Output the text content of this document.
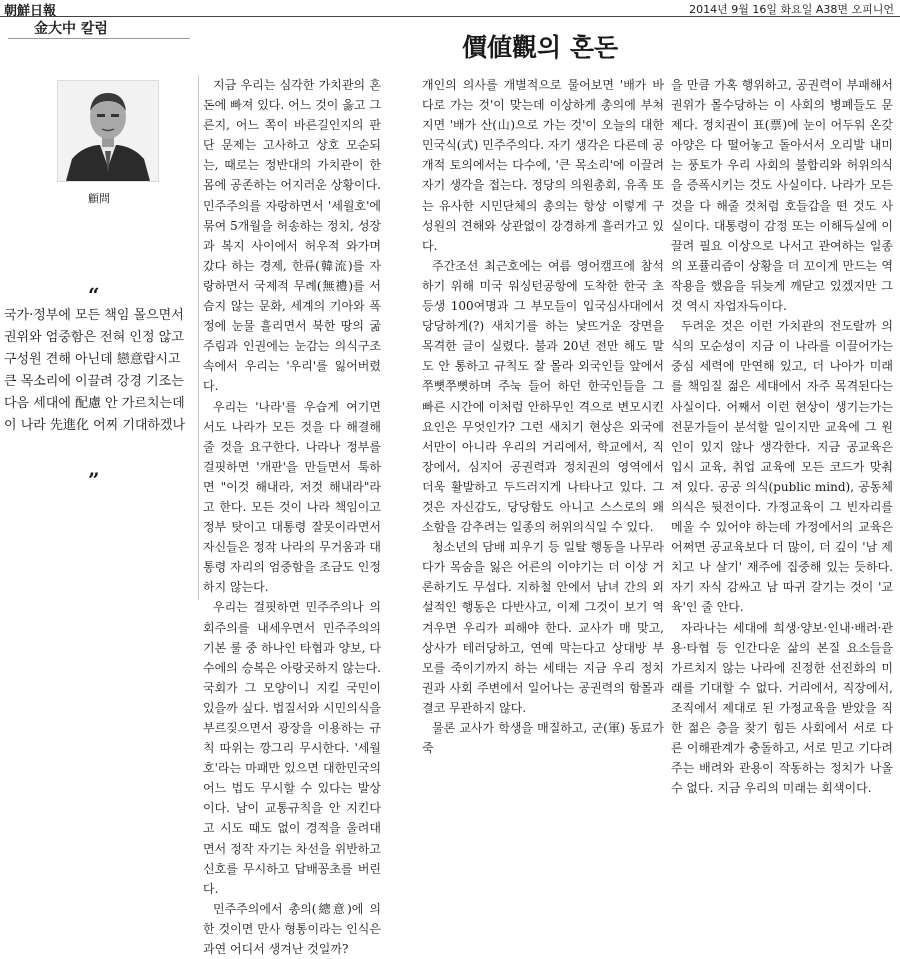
朝鮮日報	2014년 9월 16일 화요일 A38면 오피니언
金大中 칼럼
顧問
“
국가·정부에 모든 책임 몰으면서
권위와 엄중함은 전혀 인정 않고
구성원 견해 아닌데 戀意랍시고
큰 목소리에 이끌려 강경 기조는
다음 세대에 配慮 안 가르치는데
이 나라 先進化 어찌 기대하겠나
”
價値觀의 혼돈

지금 우리는 심각한 가치관의 혼돈에 빠져 있다. 어느 것이 옳고 그른지, 어느 쪽이 바른길인지의 판단 문제는 고사하고 상호 모순되는, 때로는 정반대의 가치관이 한몸에 공존하는 어지러운 상황이다. 민주주의를 자랑하면서 '세월호'에 묶여 5개월을 허송하는 정치, 성장과 복지 사이에서 허우적 와가며 갔다 하는 경제, 한류(韓流)를 자랑하면서 국제적 무례(無禮)를 서슴지 않는 문화, 세계의 기아와 폭정에 눈물 흘리면서 북한 땅의 굶주림과 인권에는 눈감는 의식구조 속에서 우리는 '우리'를 잃어버렸다.

우리는 '나라'를 우습게 여기면서도 나라가 모든 것을 다 해결해줄 것을 요구한다. 나라나 정부를 걸핏하면 '개판'을 만들면서 툭하면 "이것 해내라, 저것 해내라"라고 한다. 모든 것이 나라 책임이고 정부 탓이고 대통령 잘못이라면서 자신들은 정작 나라의 무거움과 대통령 자리의 엄중함을 조금도 인정하지 않는다.

우리는 걸핏하면 민주주의나 의회주의를 내세우면서 민주주의의 기본 룰 중 하나인 타협과 양보, 다수에의 승복은 아랑곳하지 않는다. 국회가 그 모양이니 지킬 국민이 있을까 싶다. 법질서와 시민의식을 부르짖으면서 광장을 이용하는 규칙 따위는 깡그리 무시한다. '세월호'라는 마패만 있으면 대한민국의 어느 법도 무시할 수 있다는 발상이다. 남이 교통규칙을 안 지킨다고 시도 때도 없이 경적을 울려대면서 정작 자기는 차선을 위반하고 신호를 무시하고 답배꽁초를 버린다.

민주주의에서 총의(總意)에 의한 것이면 만사 형통이라는 인식은 과연 어디서 생겨난 것일까?

개인의 의사를 개별적으로 물어보면 '배가 바다로 가는 것'이 맞는데 이상하게 총의에 부쳐지면 '배가 산(山)으로 가는 것'이 오늘의 대한민국식(式) 민주주의다. 자기 생각은 다른데 공개적 토의에서는 다수에, '큰 목소리'에 이끌려 자기 생각을 접는다. 정당의 의원총회, 유족 또는 유사한 시민단체의 총의는 항상 이렇게 구성원의 견해와 상관없이 강경하게 흘러가고 있다.

주간조선 최근호에는 여름 영어캠프에 참석하기 위해 미국 워싱턴공항에 도착한 한국 초등생 100여명과 그 부모들이 입국심사대에서 당당하게(?) 새치기를 하는 낯뜨거운 장면을 목격한 글이 실렸다. 불과 20년 전만 해도 말도 안 통하고 규칙도 잘 몰라 외국인들 앞에서 쭈뼛쭈뼛하며 주눅 들어 하던 한국인들을 그 빠른 시간에 이처럼 안하무인 격으로 변모시킨 요인은 무엇인가? 그런 새치기 현상은 외국에서만이 아니라 우리의 거리에서, 학교에서, 직장에서, 심지어 공권력과 정치권의 영역에서 더욱 활발하고 두드러지게 나타나고 있다. 그것은 자신감도, 당당함도 아니고 스스로의 왜소함을 감추려는 일종의 허위의식일 수 있다.

청소년의 담배 피우기 등 일탈 행동을 나무라다가 목숨을 잃은 어른의 이야기는 더 이상 거론하기도 무섭다. 지하철 안에서 남녀 간의 외설적인 행동은 다반사고, 이제 그것이 보기 역겨우면 우리가 피해야 한다. 교사가 매 맞고, 상사가 테러당하고, 연예 막는다고 상대방 부모를 죽이기까지 하는 세태는 지금 우리 정치권과 사회 주변에서 일어나는 공권력의 함몰과 결코 무관하지 않다.

물론 교사가 학생을 매질하고, 군(軍) 동료가 죽

을 만큼 가혹 행위하고, 공권력이 부패해서 권위가 몰수당하는 이 사회의 병폐들도 문제다. 정치권이 표(票)에 눈이 어두워 온갖 아양은 다 떨어놓고 돌아서서 오리발 내미는 풍토가 우리 사회의 불합리와 허위의식을 증폭시키는 것도 사실이다. 나라가 모든 것을 다 해줄 것처럼 호들갑을 떤 것도 사실이다. 대통령이 감정 또는 이해득실에 이끌려 필요 이상으로 나서고 관여하는 일종의 포퓰리즘이 상황을 더 꼬이게 만드는 역작용을 했음을 뒤늦게 깨닫고 있겠지만 그것 역시 자업자득이다.

두려운 것은 이런 가치관의 전도랄까 의식의 모순성이 지금 이 나라를 이끌어가는 중심 세력에 만연해 있고, 더 나아가 미래를 책임질 젊은 세대에서 자주 목격된다는 사실이다. 어째서 이런 현상이 생기는가는 전문가들이 분석할 일이지만 교육에 그 원인이 있지 않나 생각한다. 지금 공교육은 입시 교육, 취업 교육에 모든 코드가 맞춰져 있다. 공공 의식(public mind), 공동체 의식은 뒷전이다. 가정교육이 그 빈자리를 메울 수 있어야 하는데 가정에서의 교육은 어쩌면 공교육보다 더 많이, 더 깊이 '남 제치고 나 살기' 재주에 집중해 있는 듯하다. 자기 자식 감싸고 남 따귀 갈기는 것이 '교육'인 줄 안다.

자라나는 세대에 희생·양보·인내·배려·관용·타협 등 인간다운 삶의 본질 요소들을 가르치지 않는 나라에 진정한 선진화의 미래를 기대할 수 없다. 거리에서, 직장에서, 조직에서 제대로 된 가정교육을 받았을 직한 젊은 층을 찾기 힘든 사회에서 서로 다른 이해관계가 충돌하고, 서로 믿고 기다려주는 배려와 관용이 작동하는 정치가 나올 수 없다. 지금 우리의 미래는 회색이다.
